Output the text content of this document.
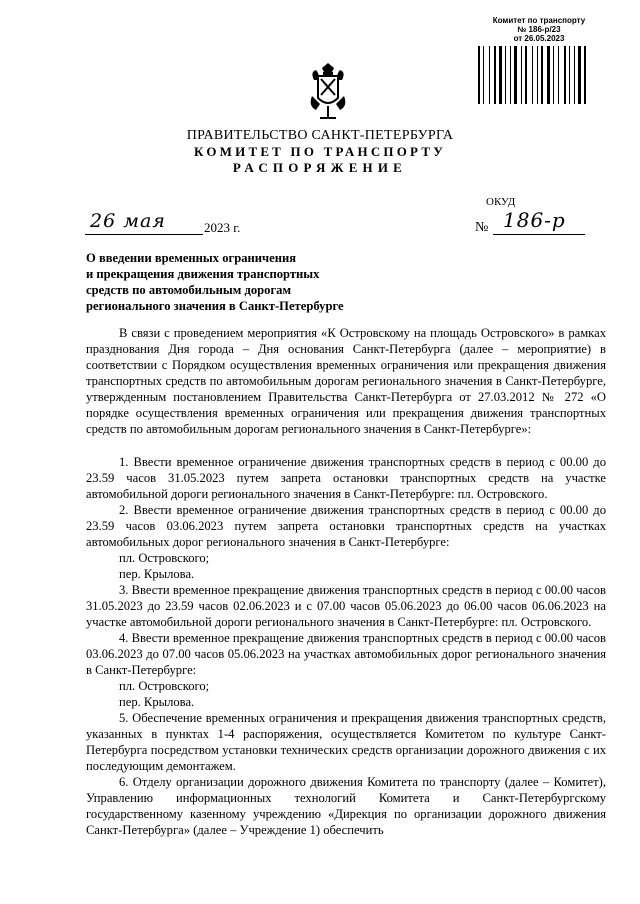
Комитет по транспорту
№ 186-р/23
от 26.05.2023
ПРАВИТЕЛЬСТВО САНКТ-ПЕТЕРБУРГА
КОМИТЕТ ПО ТРАНСПОРТУ
РАСПОРЯЖЕНИЕ
ОКУД
26 мая	2023 г.	№ 186-р
О введении временных ограничения
и прекращения движения транспортных
средств по автомобильным дорогам
регионального значения в Санкт-Петербурге

В связи с проведением мероприятия «К Островскому на площадь Островского» в рамках празднования Дня города – Дня основания Санкт-Петербурга (далее – мероприятие) в соответствии с Порядком осуществления временных ограничения или прекращения движения транспортных средств по автомобильным дорогам регионального значения в Санкт-Петербурге, утвержденным постановлением Правительства Санкт-Петербурга от 27.03.2012 № 272 «О порядке осуществления временных ограничения или прекращения движения транспортных средств по автомобильным дорогам регионального значения в Санкт-Петербурге»:

1. Ввести временное ограничение движения транспортных средств в период с 00.00 до 23.59 часов 31.05.2023 путем запрета остановки транспортных средств на участке автомобильной дороги регионального значения в Санкт-Петербурге: пл. Островского.

2. Ввести временное ограничение движения транспортных средств в период с 00.00 до 23.59 часов 03.06.2023 путем запрета остановки транспортных средств на участках автомобильных дорог регионального значения в Санкт-Петербурге:

пл. Островского;

пер. Крылова.

3. Ввести временное прекращение движения транспортных средств в период с 00.00 часов 31.05.2023 до 23.59 часов 02.06.2023 и с 07.00 часов 05.06.2023 до 06.00 часов 06.06.2023 на участке автомобильной дороги регионального значения в Санкт-Петербурге: пл. Островского.

4. Ввести временное прекращение движения транспортных средств в период с 00.00 часов 03.06.2023 до 07.00 часов 05.06.2023 на участках автомобильных дорог регионального значения в Санкт-Петербурге:

пл. Островского;

пер. Крылова.

5. Обеспечение временных ограничения и прекращения движения транспортных средств, указанных в пунктах 1-4 распоряжения, осуществляется Комитетом по культуре Санкт-Петербурга посредством установки технических средств организации дорожного движения с их последующим демонтажем.

6. Отделу организации дорожного движения Комитета по транспорту (далее – Комитет), Управлению информационных технологий Комитета и Санкт-Петербургскому государственному казенному учреждению «Дирекция по организации дорожного движения Санкт-Петербурга» (далее – Учреждение 1) обеспечить
